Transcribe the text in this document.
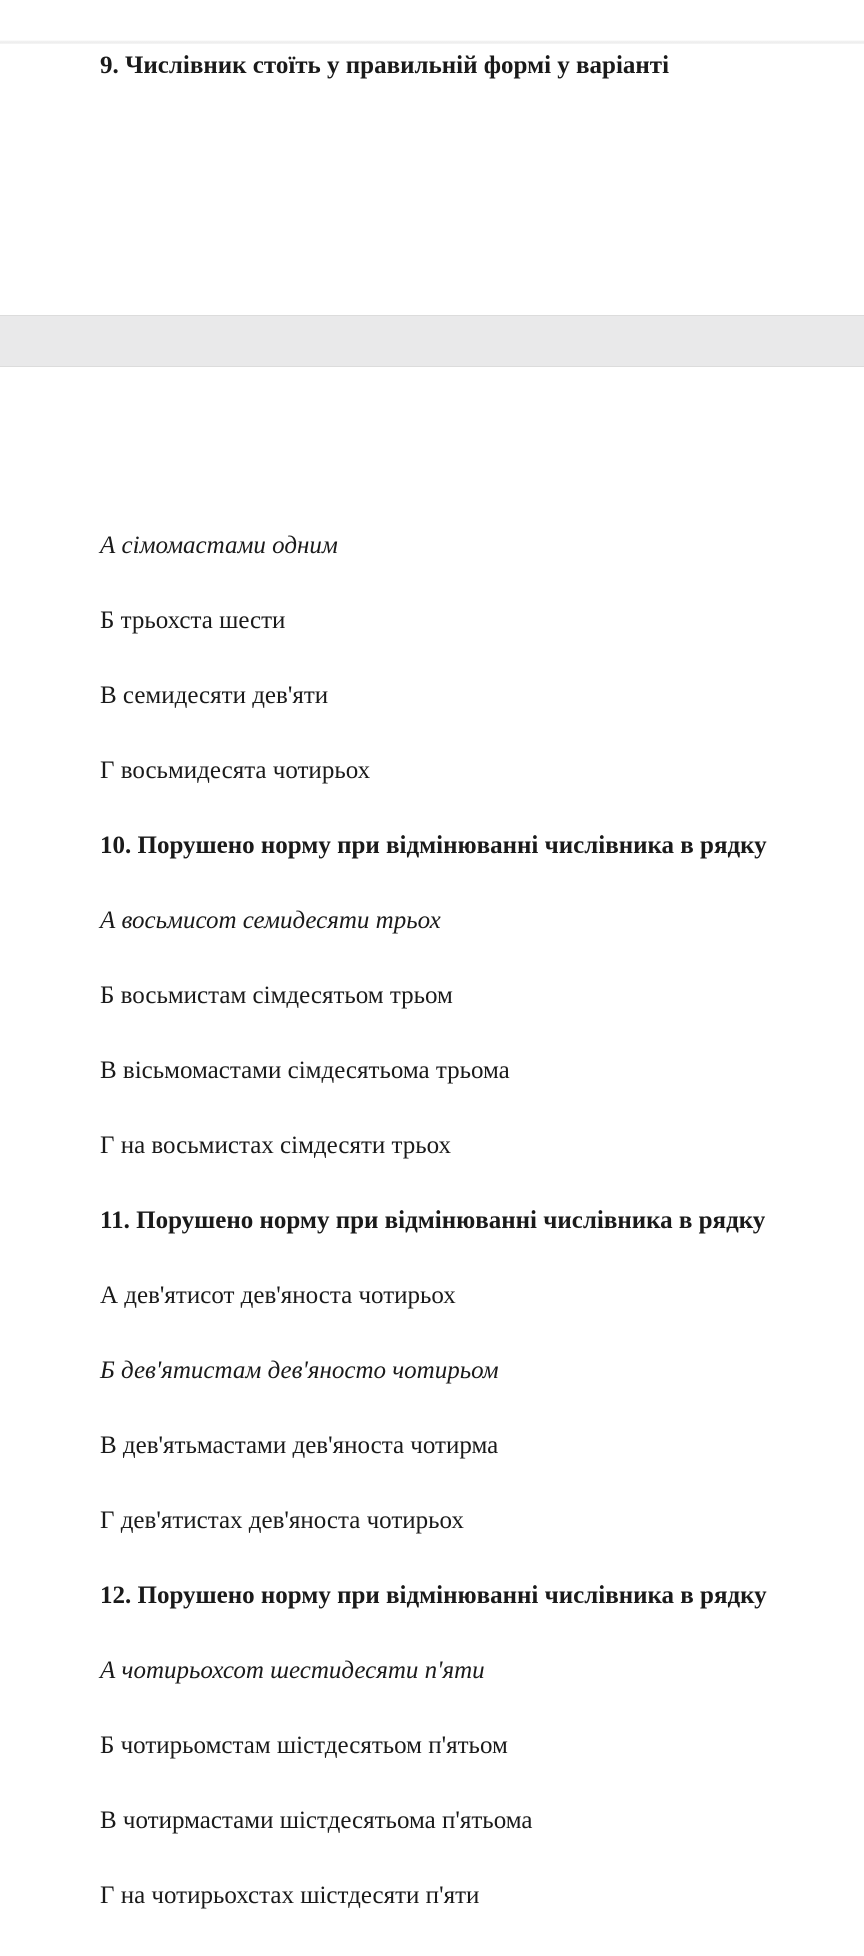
9. Числівник стоїть у правильній формі у варіанті
А сімомастами одним
Б трьохста шести
В семидесяти дев'яти
Г восьмидесята чотирьох
10. Порушено норму при відмінюванні числівника в рядку
А восьмисот семидесяти трьох
Б восьмистам сімдесятьом трьом
В вісьмомастами сімдесятьома трьома
Г на восьмистах сімдесяти трьох
11. Порушено норму при відмінюванні числівника в рядку
А дев'ятисот дев'яноста чотирьох
Б дев'ятистам дев'яносто чотирьом
В дев'ятьмастами дев'яноста чотирма
Г дев'ятистах дев'яноста чотирьох
12. Порушено норму при відмінюванні числівника в рядку
А чотирьохсот шестидесяти п'яти
Б чотирьомстам шістдесятьом п'ятьом
В чотирмастами шістдесятьома п'ятьома
Г на чотирьохстах шістдесяти п'яти
